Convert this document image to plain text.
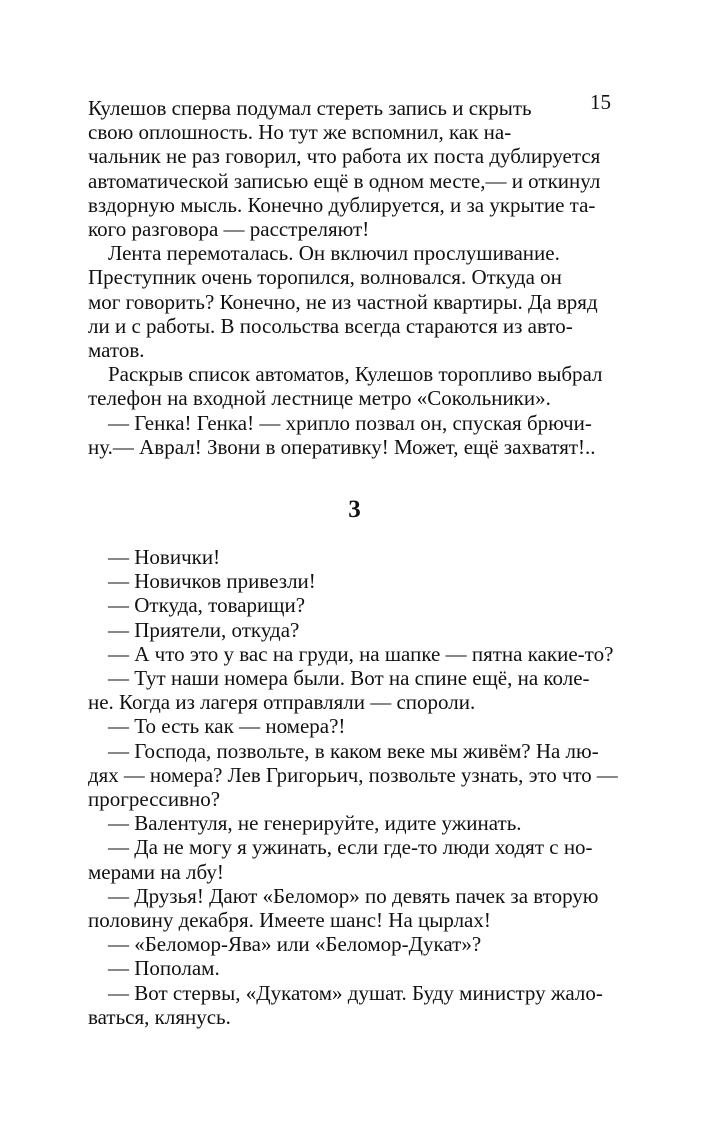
15
Кулешов сперва подумал стереть запись и скрыть
свою оплошность. Но тут же вспомнил, как на-
чальник не раз говорил, что работа их поста дублируется
автоматической записью ещё в одном месте,— и откинул
вздорную мысль. Конечно дублируется, и за укрытие та-
кого разговора — расстреляют!
Лента перемоталась. Он включил прослушивание.
Преступник очень торопился, волновался. Откуда он
мог говорить? Конечно, не из частной квартиры. Да вряд
ли и с работы. В посольства всегда стараются из авто-
матов.
Раскрыв список автоматов, Кулешов торопливо выбрал
телефон на входной лестнице метро «Сокольники».
— Генка! Генка! — хрипло позвал он, спуская брючи-
ну.— Аврал! Звони в оперативку! Может, ещё захватят!..
3
— Новички!
— Новичков привезли!
— Откуда, товарищи?
— Приятели, откуда?
— А что это у вас на груди, на шапке — пятна какие-то?
— Тут наши номера были. Вот на спине ещё, на коле-
не. Когда из лагеря отправляли — спороли.
— То есть как — номера?!
— Господа, позвольте, в каком веке мы живём? На лю-
дях — номера? Лев Григорьич, позвольте узнать, это что —
прогрессивно?
— Валентуля, не генерируйте, идите ужинать.
— Да не могу я ужинать, если где-то люди ходят с но-
мерами на лбу!
— Друзья! Дают «Беломор» по девять пачек за вторую
половину декабря. Имеете шанс! На цырлах!
— «Беломор-Ява» или «Беломор-Дукат»?
— Пополам.
— Вот стервы, «Дукатом» душат. Буду министру жало-
ваться, клянусь.
